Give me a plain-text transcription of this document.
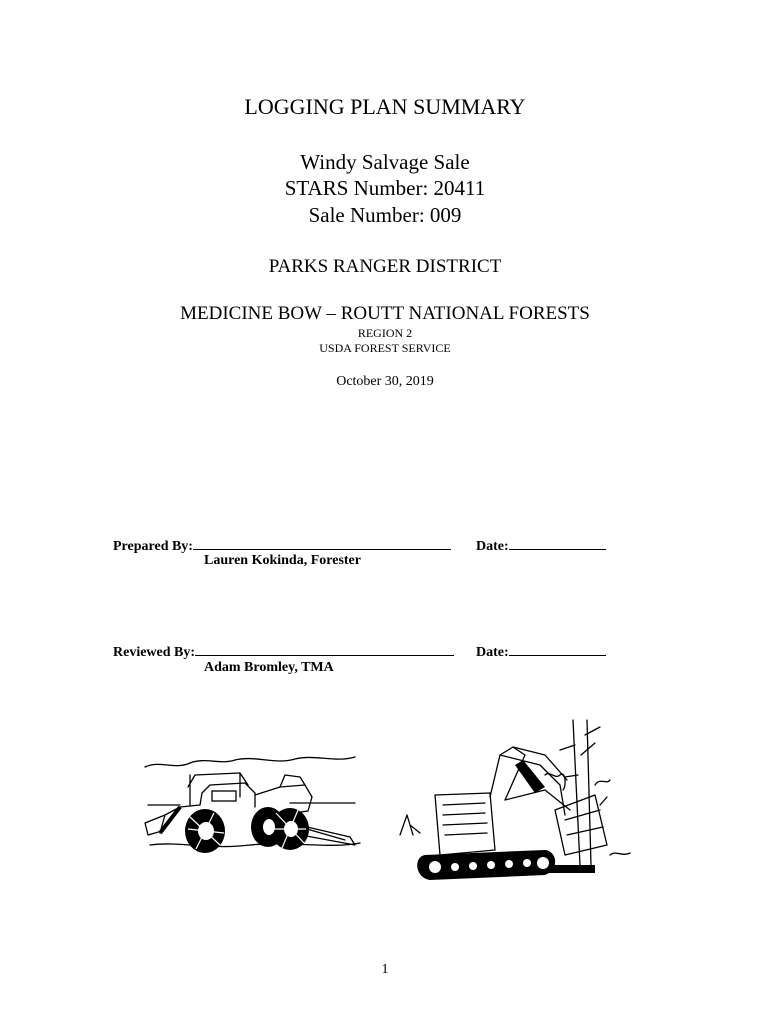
LOGGING PLAN SUMMARY
Windy Salvage Sale
STARS Number: 20411
Sale Number: 009
PARKS RANGER DISTRICT
MEDICINE BOW – ROUTT NATIONAL FORESTS
REGION 2
USDA FOREST SERVICE
October 30, 2019
Prepared By:	Date:
Lauren Kokinda, Forester
Reviewed By:	Date:
Adam Bromley, TMA
1
